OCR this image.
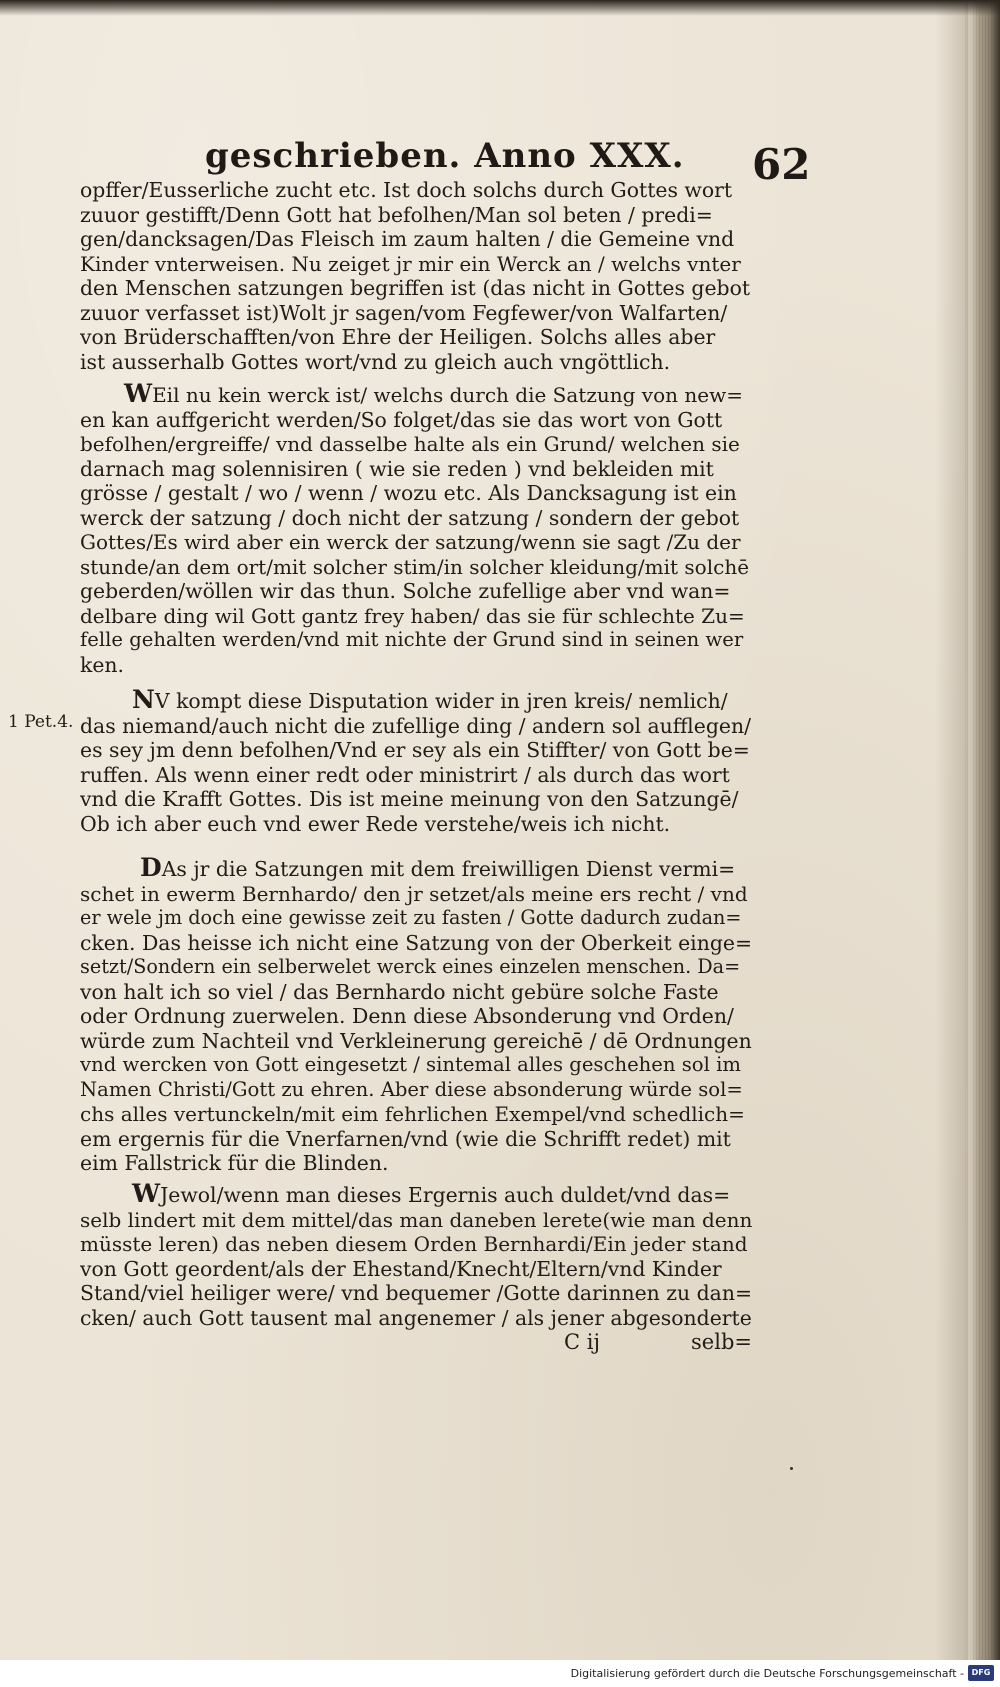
geschrieben. Anno XXX. 62
1 Pet.4.
opffer/Eusserliche zucht etc. Ist doch solchs durch Gottes wort
zuuor gestifft/Denn Gott hat befolhen/Man sol beten / predi=
gen/dancksagen/Das Fleisch im zaum halten / die Gemeine vnd
Kinder vnterweisen. Nu zeiget jr mir ein Werck an / welchs vnter
den Menschen satzungen begriffen ist (das nicht in Gottes gebot
zuuor verfasset ist)Wolt jr sagen/vom Fegfewer/von Walfarten/
von Brüderschafften/von Ehre der Heiligen. Solchs alles aber
ist ausserhalb Gottes wort/vnd zu gleich auch vngöttlich.
WEil nu kein werck ist/ welchs durch die Satzung von new=
en kan auffgericht werden/So folget/das sie das wort von Gott
befolhen/ergreiffe/ vnd dasselbe halte als ein Grund/ welchen sie
darnach mag solennisiren ( wie sie reden ) vnd bekleiden mit
grösse / gestalt / wo / wenn / wozu etc. Als Dancksagung ist ein
werck der satzung / doch nicht der satzung / sondern der gebot
Gottes/Es wird aber ein werck der satzung/wenn sie sagt /Zu der
stunde/an dem ort/mit solcher stim/in solcher kleidung/mit solchē
geberden/wöllen wir das thun. Solche zufellige aber vnd wan=
delbare ding wil Gott gantz frey haben/ das sie für schlechte Zu=
felle gehalten werden/vnd mit nichte der Grund sind in seinen wer
ken.
NV kompt diese Disputation wider in jren kreis/ nemlich/
das niemand/auch nicht die zufellige ding / andern sol aufflegen/
es sey jm denn befolhen/Vnd er sey als ein Stiffter/ von Gott be=
ruffen. Als wenn einer redt oder ministrirt / als durch das wort
vnd die Krafft Gottes. Dis ist meine meinung von den Satzungē/
Ob ich aber euch vnd ewer Rede verstehe/weis ich nicht.
DAs jr die Satzungen mit dem freiwilligen Dienst vermi=
schet in ewerm Bernhardo/ den jr setzet/als meine ers recht / vnd
er wele jm doch eine gewisse zeit zu fasten / Gotte dadurch zudan=
cken. Das heisse ich nicht eine Satzung von der Oberkeit einge=
setzt/Sondern ein selberwelet werck eines einzelen menschen. Da=
von halt ich so viel / das Bernhardo nicht gebüre solche Faste
oder Ordnung zuerwelen. Denn diese Absonderung vnd Orden/
würde zum Nachteil vnd Verkleinerung gereichē / dē Ordnungen
vnd wercken von Gott eingesetzt / sintemal alles geschehen sol im
Namen Christi/Gott zu ehren. Aber diese absonderung würde sol=
chs alles vertunckeln/mit eim fehrlichen Exempel/vnd schedlich=
em ergernis für die Vnerfarnen/vnd (wie die Schrifft redet) mit
eim Fallstrick für die Blinden.
WJewol/wenn man dieses Ergernis auch duldet/vnd das=
selb lindert mit dem mittel/das man daneben lerete(wie man denn
müsste leren) das neben diesem Orden Bernhardi/Ein jeder stand
von Gott geordent/als der Ehestand/Knecht/Eltern/vnd Kinder
Stand/viel heiliger were/ vnd bequemer /Gotte darinnen zu dan=
cken/ auch Gott tausent mal angenemer / als jener abgesonderte
C ij	selb=
Digitalisierung gefördert durch die Deutsche Forschungsgemeinschaft - DFG
